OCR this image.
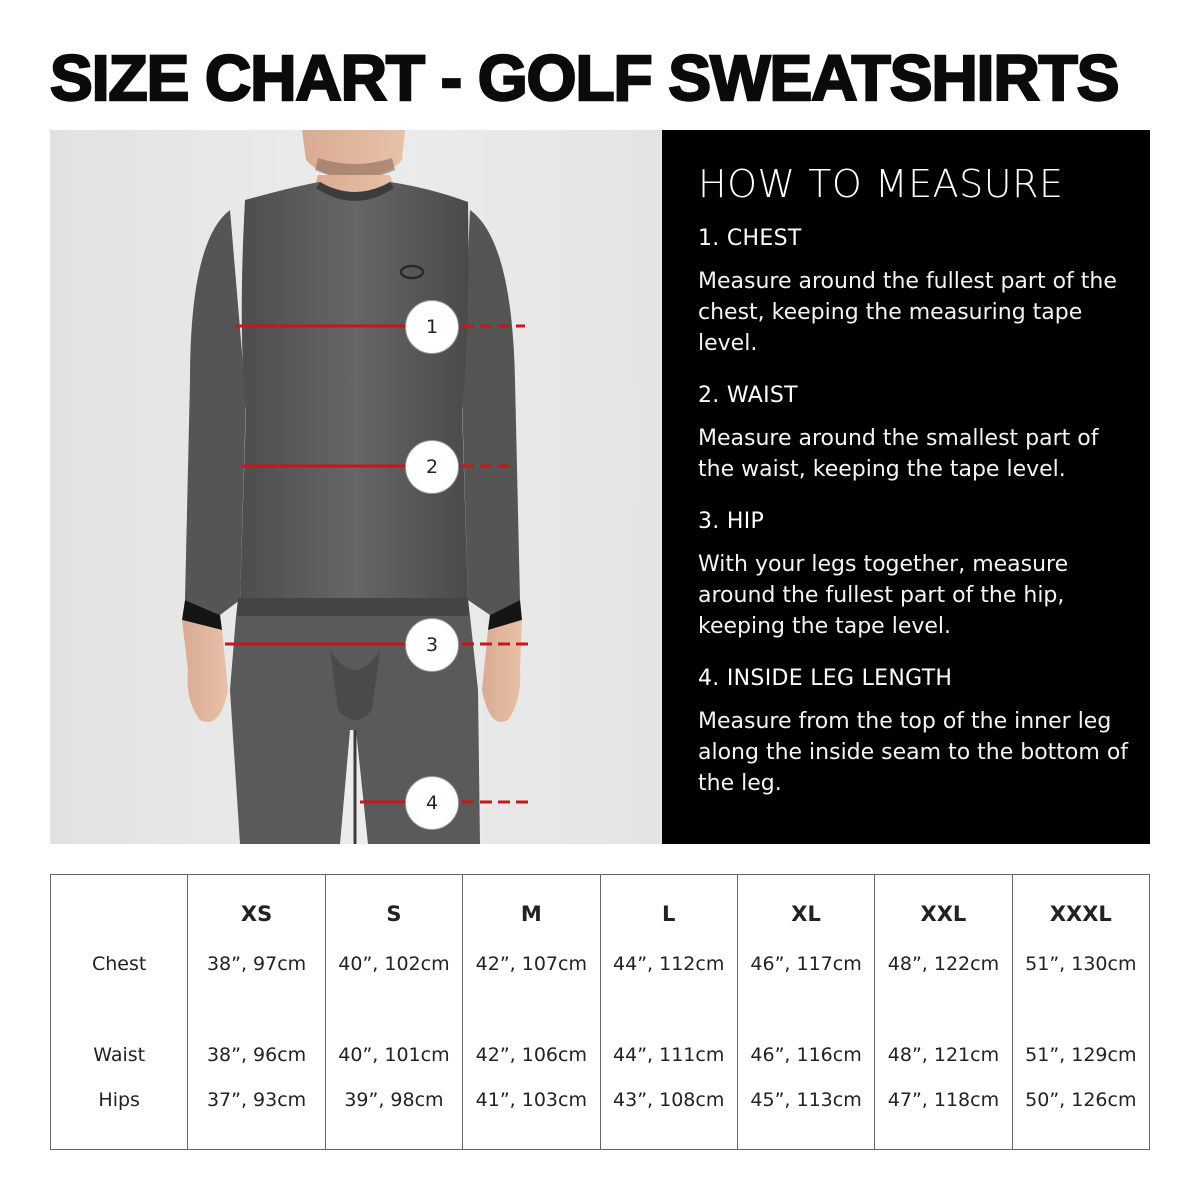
SIZE CHART - GOLF SWEATSHIRTS
1
2
3
4
HOW TO MEASURE
1. CHEST
Measure around the fullest part of the chest, keeping the measuring tape level.
2. WAIST
Measure around the smallest part of the waist, keeping the tape level.
3. HIP
With your legs together, measure around the fullest part of the hip, keeping the tape level.
4. INSIDE LEG LENGTH
Measure from the top of the inner leg along the inside seam to the bottom of the leg.
	XS	S	M	L	XL	XXL	XXXL
Chest	38”, 97cm	40”, 102cm	42”, 107cm	44”, 112cm	46”, 117cm	48”, 122cm	51”, 130cm
Waist	38”, 96cm	40”, 101cm	42”, 106cm	44”, 111cm	46”, 116cm	48”, 121cm	51”, 129cm
Hips	37”, 93cm	39”, 98cm	41”, 103cm	43”, 108cm	45”, 113cm	47”, 118cm	50”, 126cm
